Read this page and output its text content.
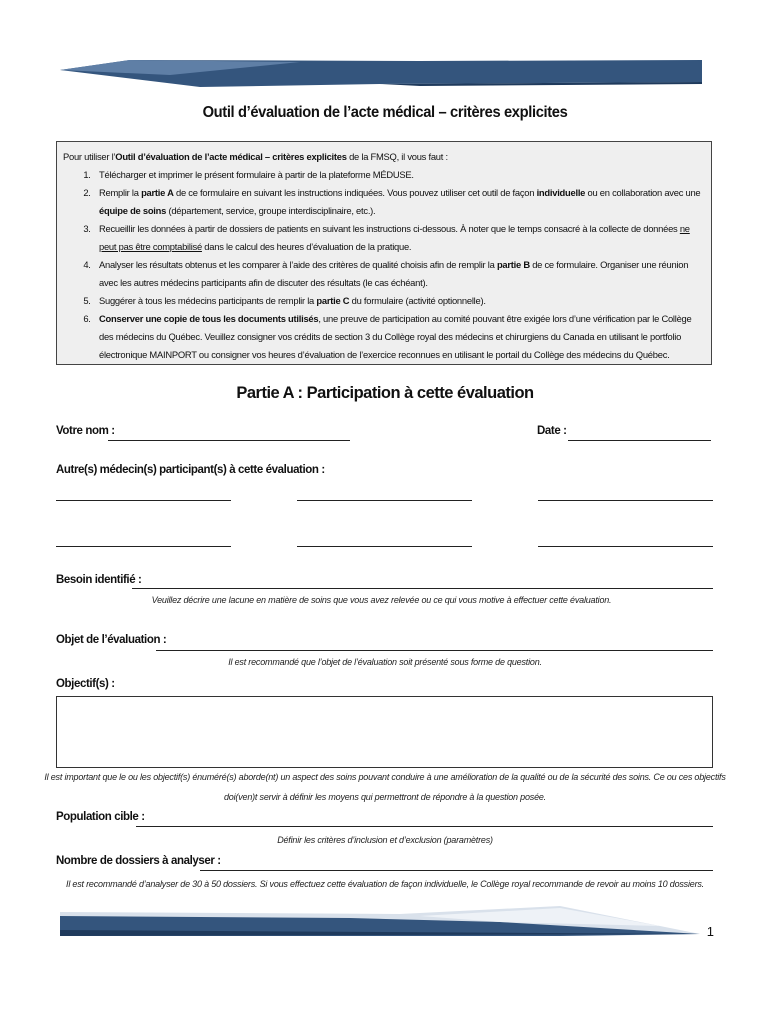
Outil d’évaluation de l’acte médical – critères explicites

Pour utiliser l’Outil d’évaluation de l’acte médical – critères explicites de la FMSQ, il vous faut :

1. Télécharger et imprimer le présent formulaire à partir de la plateforme MÉDUSE.
2. Remplir la partie A de ce formulaire en suivant les instructions indiquées. Vous pouvez utiliser cet outil de façon individuelle ou en collaboration avec une équipe de soins (département, service, groupe interdisciplinaire, etc.).
3. Recueillir les données à partir de dossiers de patients en suivant les instructions ci-dessous. À noter que le temps consacré à la collecte de données ne peut pas être comptabilisé dans le calcul des heures d’évaluation de la pratique.
4. Analyser les résultats obtenus et les comparer à l’aide des critères de qualité choisis afin de remplir la partie B de ce formulaire. Organiser une réunion avec les autres médecins participants afin de discuter des résultats (le cas échéant).
5. Suggérer à tous les médecins participants de remplir la partie C du formulaire (activité optionnelle).
6. Conserver une copie de tous les documents utilisés, une preuve de participation au comité pouvant être exigée lors d’une vérification par le Collège des médecins du Québec. Veuillez consigner vos crédits de section 3 du Collège royal des médecins et chirurgiens du Canada en utilisant le portfolio électronique MAINPORT ou consigner vos heures d’évaluation de l’exercice reconnues en utilisant le portail du Collège des médecins du Québec.
Partie A : Participation à cette évaluation
Votre nom :	Date :
Autre(s) médecin(s) participant(s) à cette évaluation :
Besoin identifié :
Veuillez décrire une lacune en matière de soins que vous avez relevée ou ce qui vous motive à effectuer cette évaluation.
Objet de l’évaluation :
Il est recommandé que l’objet de l’évaluation soit présenté sous forme de question.
Objectif(s) :
Il est important que le ou les objectif(s) énuméré(s) aborde(nt) un aspect des soins pouvant conduire à une amélioration de la qualité ou de la sécurité des soins. Ce ou ces objectifs
doi(ven)t servir à définir les moyens qui permettront de répondre à la question posée.
Population cible :
Définir les critères d’inclusion et d’exclusion (paramètres)
Nombre de dossiers à analyser :
Il est recommandé d’analyser de 30 à 50 dossiers. Si vous effectuez cette évaluation de façon individuelle, le Collège royal recommande de revoir au moins 10 dossiers.
1
